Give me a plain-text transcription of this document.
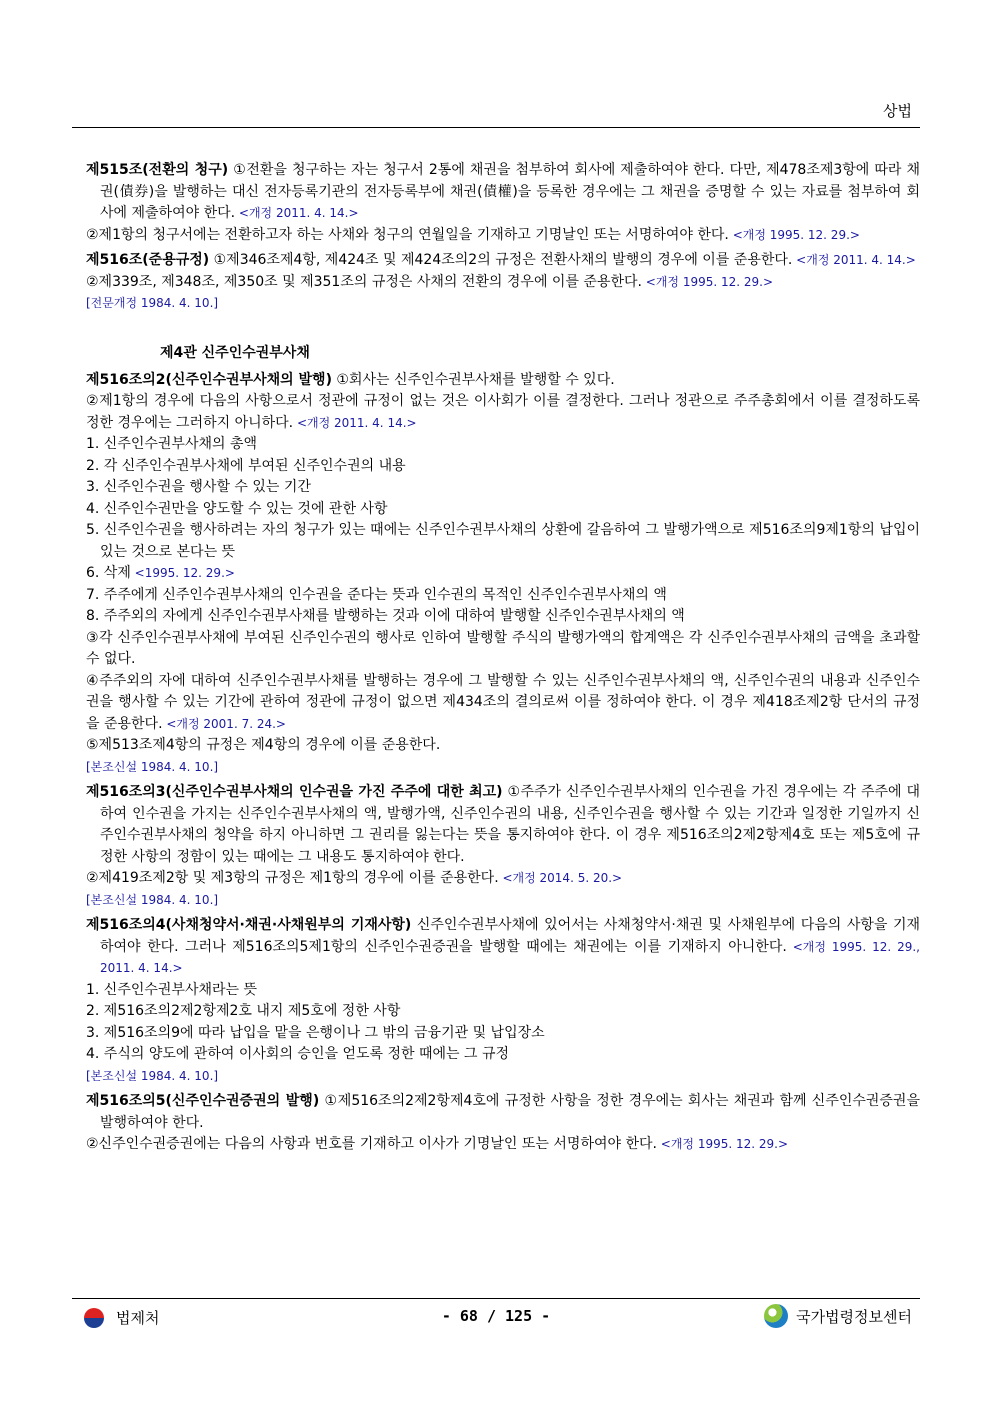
상법

제515조(전환의 청구) ①전환을 청구하는 자는 청구서 2통에 채권을 첨부하여 회사에 제출하여야 한다. 다만, 제478조제3항에 따라 채권(債券)을 발행하는 대신 전자등록기관의 전자등록부에 채권(債權)을 등록한 경우에는 그 채권을 증명할 수 있는 자료를 첨부하여 회사에 제출하여야 한다. <개정 2011. 4. 14.>

②제1항의 청구서에는 전환하고자 하는 사채와 청구의 연월일을 기재하고 기명날인 또는 서명하여야 한다. <개정 1995. 12. 29.>

제516조(준용규정) ①제346조제4항, 제424조 및 제424조의2의 규정은 전환사채의 발행의 경우에 이를 준용한다. <개정 2011. 4. 14.>

②제339조, 제348조, 제350조 및 제351조의 규정은 사채의 전환의 경우에 이를 준용한다. <개정 1995. 12. 29.>

[전문개정 1984. 4. 10.]

제4관 신주인수권부사채

제516조의2(신주인수권부사채의 발행) ①회사는 신주인수권부사채를 발행할 수 있다.

②제1항의 경우에 다음의 사항으로서 정관에 규정이 없는 것은 이사회가 이를 결정한다. 그러나 정관으로 주주총회에서 이를 결정하도록 정한 경우에는 그러하지 아니하다. <개정 2011. 4. 14.>

1. 신주인수권부사채의 총액

2. 각 신주인수권부사채에 부여된 신주인수권의 내용

3. 신주인수권을 행사할 수 있는 기간

4. 신주인수권만을 양도할 수 있는 것에 관한 사항

5. 신주인수권을 행사하려는 자의 청구가 있는 때에는 신주인수권부사채의 상환에 갈음하여 그 발행가액으로 제516조의9제1항의 납입이 있는 것으로 본다는 뜻

6. 삭제 <1995. 12. 29.>

7. 주주에게 신주인수권부사채의 인수권을 준다는 뜻과 인수권의 목적인 신주인수권부사채의 액

8. 주주외의 자에게 신주인수권부사채를 발행하는 것과 이에 대하여 발행할 신주인수권부사채의 액

③각 신주인수권부사채에 부여된 신주인수권의 행사로 인하여 발행할 주식의 발행가액의 합계액은 각 신주인수권부사채의 금액을 초과할 수 없다.

④주주외의 자에 대하여 신주인수권부사채를 발행하는 경우에 그 발행할 수 있는 신주인수권부사채의 액, 신주인수권의 내용과 신주인수권을 행사할 수 있는 기간에 관하여 정관에 규정이 없으면 제434조의 결의로써 이를 정하여야 한다. 이 경우 제418조제2항 단서의 규정을 준용한다. <개정 2001. 7. 24.>

⑤제513조제4항의 규정은 제4항의 경우에 이를 준용한다.

[본조신설 1984. 4. 10.]

제516조의3(신주인수권부사채의 인수권을 가진 주주에 대한 최고) ①주주가 신주인수권부사채의 인수권을 가진 경우에는 각 주주에 대하여 인수권을 가지는 신주인수권부사채의 액, 발행가액, 신주인수권의 내용, 신주인수권을 행사할 수 있는 기간과 일정한 기일까지 신주인수권부사채의 청약을 하지 아니하면 그 권리를 잃는다는 뜻을 통지하여야 한다. 이 경우 제516조의2제2항제4호 또는 제5호에 규정한 사항의 정함이 있는 때에는 그 내용도 통지하여야 한다.

②제419조제2항 및 제3항의 규정은 제1항의 경우에 이를 준용한다. <개정 2014. 5. 20.>

[본조신설 1984. 4. 10.]

제516조의4(사채청약서·채권·사채원부의 기재사항) 신주인수권부사채에 있어서는 사채청약서·채권 및 사채원부에 다음의 사항을 기재하여야 한다. 그러나 제516조의5제1항의 신주인수권증권을 발행할 때에는 채권에는 이를 기재하지 아니한다. <개정 1995. 12. 29., 2011. 4. 14.>

1. 신주인수권부사채라는 뜻

2. 제516조의2제2항제2호 내지 제5호에 정한 사항

3. 제516조의9에 따라 납입을 맡을 은행이나 그 밖의 금융기관 및 납입장소

4. 주식의 양도에 관하여 이사회의 승인을 얻도록 정한 때에는 그 규정

[본조신설 1984. 4. 10.]

제516조의5(신주인수권증권의 발행) ①제516조의2제2항제4호에 규정한 사항을 정한 경우에는 회사는 채권과 함께 신주인수권증권을 발행하여야 한다.

②신주인수권증권에는 다음의 사항과 번호를 기재하고 이사가 기명날인 또는 서명하여야 한다. <개정 1995. 12. 29.>

법제처	- 68 / 125 -	국가법령정보센터
